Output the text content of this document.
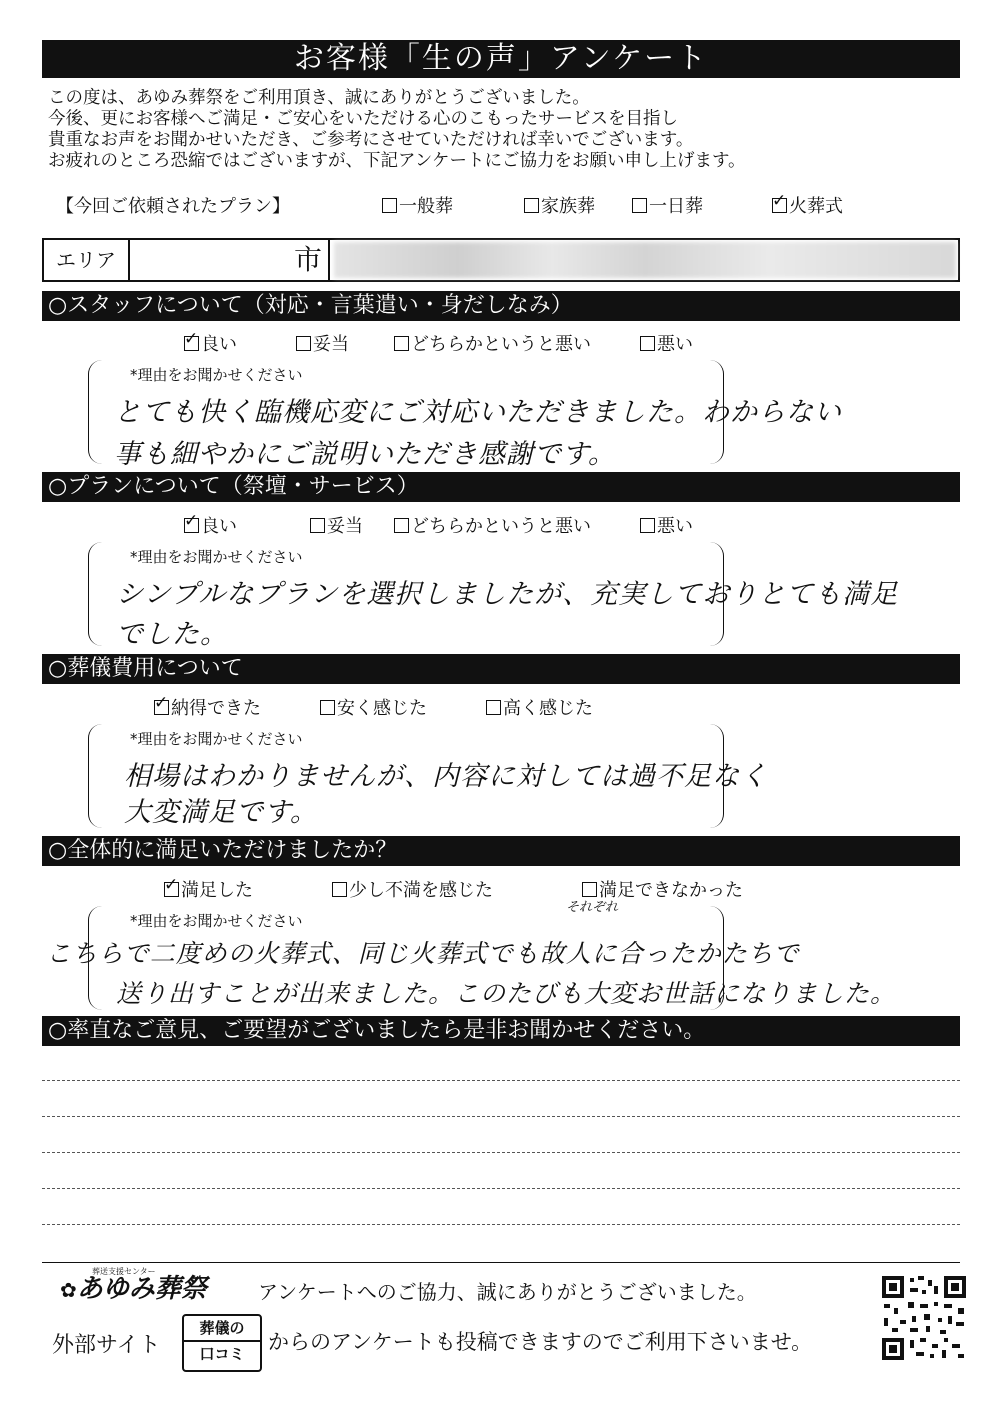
お客様「生の声」アンケート
この度は、あゆみ葬祭をご利用頂き、誠にありがとうございました。
今後、更にお客様へご満足・ご安心をいただける心のこもったサービスを目指し
貴重なお声をお聞かせいただき、ご参考にさせていただければ幸いでございます。
お疲れのところ恐縮ではございますが、下記アンケートにご協力をお願い申し上げます。
【今回ご依頼されたプラン】	一般葬	家族葬	一日葬
✓	火葬式
エリア	市
○スタッフについて（対応・言葉遣い・身だしなみ）
✓良い	妥当	どちらかというと悪い	悪い
*理由をお聞かせください
とても快く臨機応変にご対応いただきました。わからない
事も細やかにご説明いただき感謝です。
○プランについて（祭壇・サービス）
✓良い	妥当	どちらかというと悪い	悪い
*理由をお聞かせください
シンプルなプランを選択しましたが、充実しておりとても満足
でした。
○葬儀費用について
✓納得できた	安く感じた	高く感じた
*理由をお聞かせください
相場はわかりませんが、内容に対しては過不足なく
大変満足です。
○全体的に満足いただけましたか？
✓満足した	少し不満を感じた	満足できなかった
*理由をお聞かせください
それぞれ
こちらで二度めの火葬式、同じ火葬式でも故人に合ったかたちで
送り出すことが出来ました。このたびも大変お世話になりました。
○率直なご意見、ご要望がございましたら是非お聞かせください。
葬送支援センター
✿あゆみ葬祭	アンケートへのご協力、誠にありがとうございました。
外部サイト
葬儀の
口コミ	からのアンケートも投稿できますのでご利用下さいませ。
